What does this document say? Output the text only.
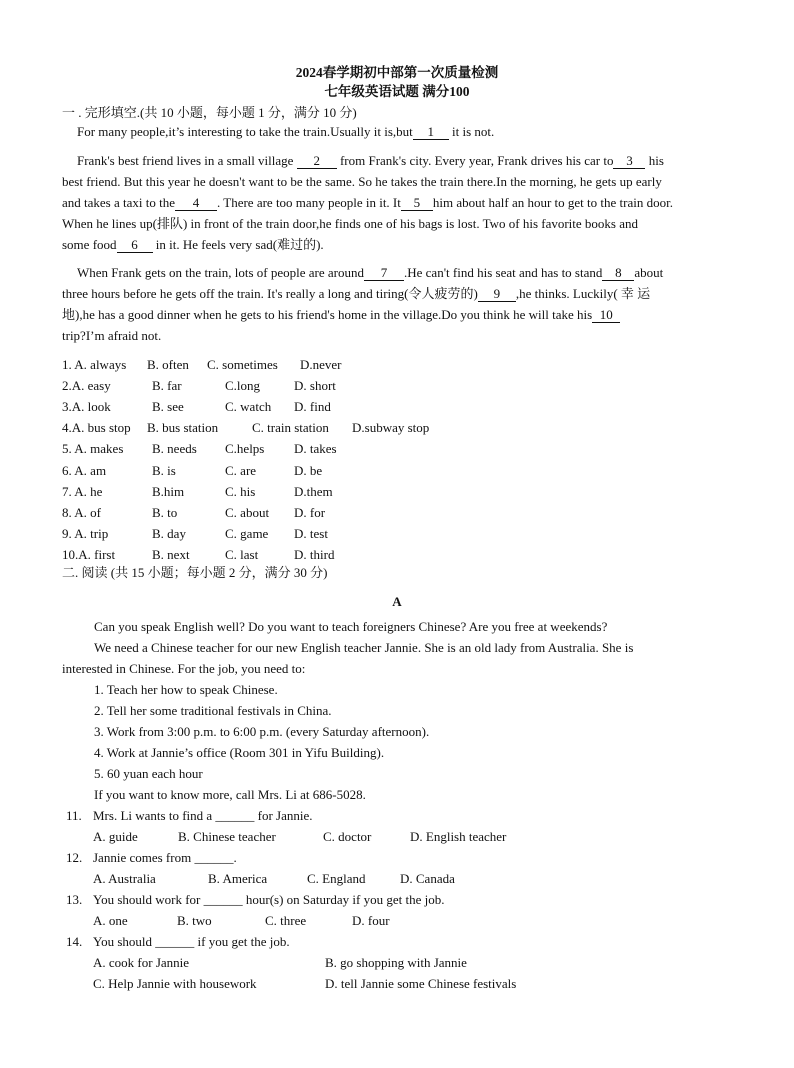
2024春学期初中部第一次质量检测
七年级英语试题 满分100
一 . 完形填空.(共 10 小题，每小题 1 分，满分 10 分)
For many people,it’s interesting to take the train.Usually it is,but 1 it is not.
Frank's best friend lives in a small village 2 from Frank's city. Every year, Frank drives his car to 3 his
best friend. But this year he doesn't want to be the same. So he takes the train there.In the morning, he gets up early
and takes a taxi to the 4 . There are too many people in it. It 5 him about half an hour to get to the train door.
When he lines up(排队) in front of the train door,he finds one of his bags is lost. Two of his favorite books and
some food 6 in it. He feels very sad(难过的).
When Frank gets on the train, lots of people are around 7 .He can't find his seat and has to stand 8 about
three hours before he gets off the train. It's really a long and tiring(令人疲劳的) 9 ,he thinks. Luckily( 幸 运
地),he has a good dinner when he gets to his friend's home in the village.Do you think he will take his 10
trip?I’m afraid not.
1. A. always B. often C. sometimes D.never
2.A. easy	B. far	C.long	D. short
3.A. look	B. see	C. watch D. find
4.A. bus stop B. bus station	C. train station D.subway stop
5. A. makes B. needs C.helps D. takes
6. A. am	B. is	C. are	D. be
7. A. he	B.him	C. his	D.them
8. A. of	B. to	C. about D. for
9. A. trip	B. day	C. game D. test
10.A. first	B. next	C. last	D. third
二. 阅读 (共 15 小题；每小题 2 分，满分 30 分)
A
Can you speak English well? Do you want to teach foreigners Chinese? Are you free at weekends?
We need a Chinese teacher for our new English teacher Jannie. She is an old lady from Australia. She is
interested in Chinese. For the job, you need to:
1. Teach her how to speak Chinese.
2. Tell her some traditional festivals in China.
3. Work from 3:00 p.m. to 6:00 p.m. (every Saturday afternoon).
4. Work at Jannie’s office (Room 301 in Yifu Building).
5. 60 yuan each hour
If you want to know more, call Mrs. Li at 686-5028.
11. Mrs. Li wants to find a ______ for Jannie.
A. guide	B. Chinese teacher	C. doctor	D. English teacher
12. Jannie comes from ______.
A. Australia	B. America	C. England	D. Canada
13. You should work for ______ hour(s) on Saturday if you get the job.
A. one	B. two	C. three	D. four
14. You should ______ if you get the job.
A. cook for Jannie	B. go shopping with Jannie
C. Help Jannie with housework	D. tell Jannie some Chinese festivals
